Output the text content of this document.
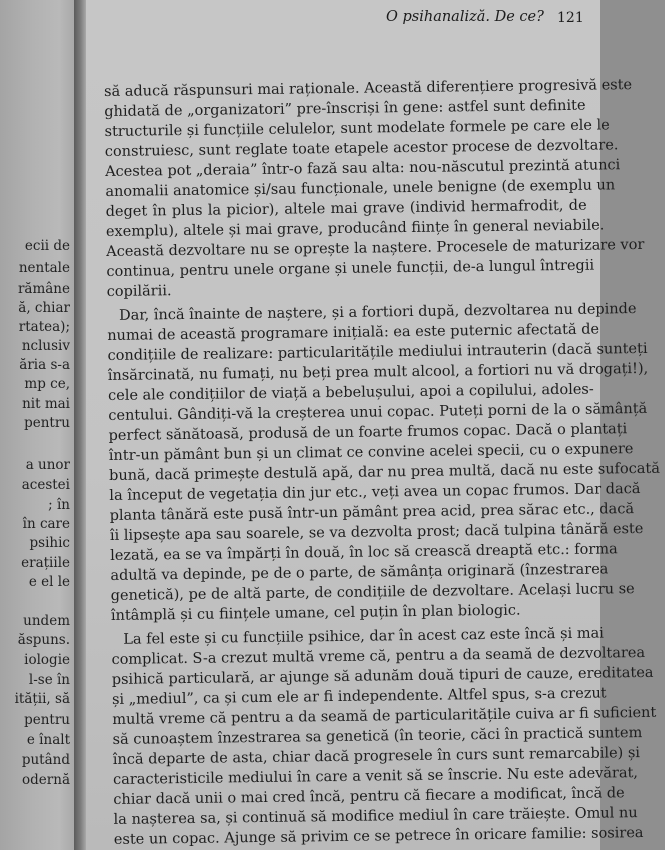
ecii de
nentale
rămâne
ă, chiar
rtatea);
nclusiv
ăria s-a
mp ce,
nit mai
pentru
a unor
acestei
; în
în care
psihic
erațiile
e el le
undem
ăspuns.
iologie
l-se în
ității, să
pentru
e înalt
putând
odernă
O psihanaliză. De ce? 121
să aducă răspunsuri mai raționale. Această diferențiere progresivă este
ghidată de „organizatori” pre-înscriși în gene: astfel sunt definite
structurile și funcțiile celulelor, sunt modelate formele pe care ele le
construiesc, sunt reglate toate etapele acestor procese de dezvoltare.
Acestea pot „deraia” într-o fază sau alta: nou-născutul prezintă atunci
anomalii anatomice și/sau funcționale, unele benigne (de exemplu un
deget în plus la picior), altele mai grave (individ hermafrodit, de
exemplu), altele și mai grave, producând ființe în general neviabile.
Această dezvoltare nu se oprește la naștere. Procesele de maturizare vor
continua, pentru unele organe și unele funcții, de-a lungul întregii
copilării.
Dar, încă înainte de naștere, și a fortiori după, dezvoltarea nu depinde
numai de această programare inițială: ea este puternic afectată de
condițiile de realizare: particularitățile mediului intrauterin (dacă sunteți
însărcinată, nu fumați, nu beți prea mult alcool, a fortiori nu vă drogați!),
cele ale condițiilor de viață a bebelușului, apoi a copilului, adoles-
centului. Gândiți-vă la creșterea unui copac. Puteți porni de la o sămânță
perfect sănătoasă, produsă de un foarte frumos copac. Dacă o plantați
într-un pământ bun și un climat ce convine acelei specii, cu o expunere
bună, dacă primește destulă apă, dar nu prea multă, dacă nu este sufocată
la început de vegetația din jur etc., veți avea un copac frumos. Dar dacă
planta tânără este pusă într-un pământ prea acid, prea sărac etc., dacă
îi lipsește apa sau soarele, se va dezvolta prost; dacă tulpina tânără este
lezată, ea se va împărți în două, în loc să crească dreaptă etc.: forma
adultă va depinde, pe de o parte, de sămânța originară (înzestrarea
genetică), pe de altă parte, de condițiile de dezvoltare. Același lucru se
întâmplă și cu ființele umane, cel puțin în plan biologic.
La fel este și cu funcțiile psihice, dar în acest caz este încă și mai
complicat. S-a crezut multă vreme că, pentru a da seamă de dezvoltarea
psihică particulară, ar ajunge să adunăm două tipuri de cauze, ereditatea
și „mediul”, ca și cum ele ar fi independente. Altfel spus, s-a crezut
multă vreme că pentru a da seamă de particularitățile cuiva ar fi suficient
să cunoaștem înzestrarea sa genetică (în teorie, căci în practică suntem
încă departe de asta, chiar dacă progresele în curs sunt remarcabile) și
caracteristicile mediului în care a venit să se înscrie. Nu este adevărat,
chiar dacă unii o mai cred încă, pentru că fiecare a modificat, încă de
la nașterea sa, și continuă să modifice mediul în care trăiește. Omul nu
este un copac. Ajunge să privim ce se petrece în oricare familie: sosirea
